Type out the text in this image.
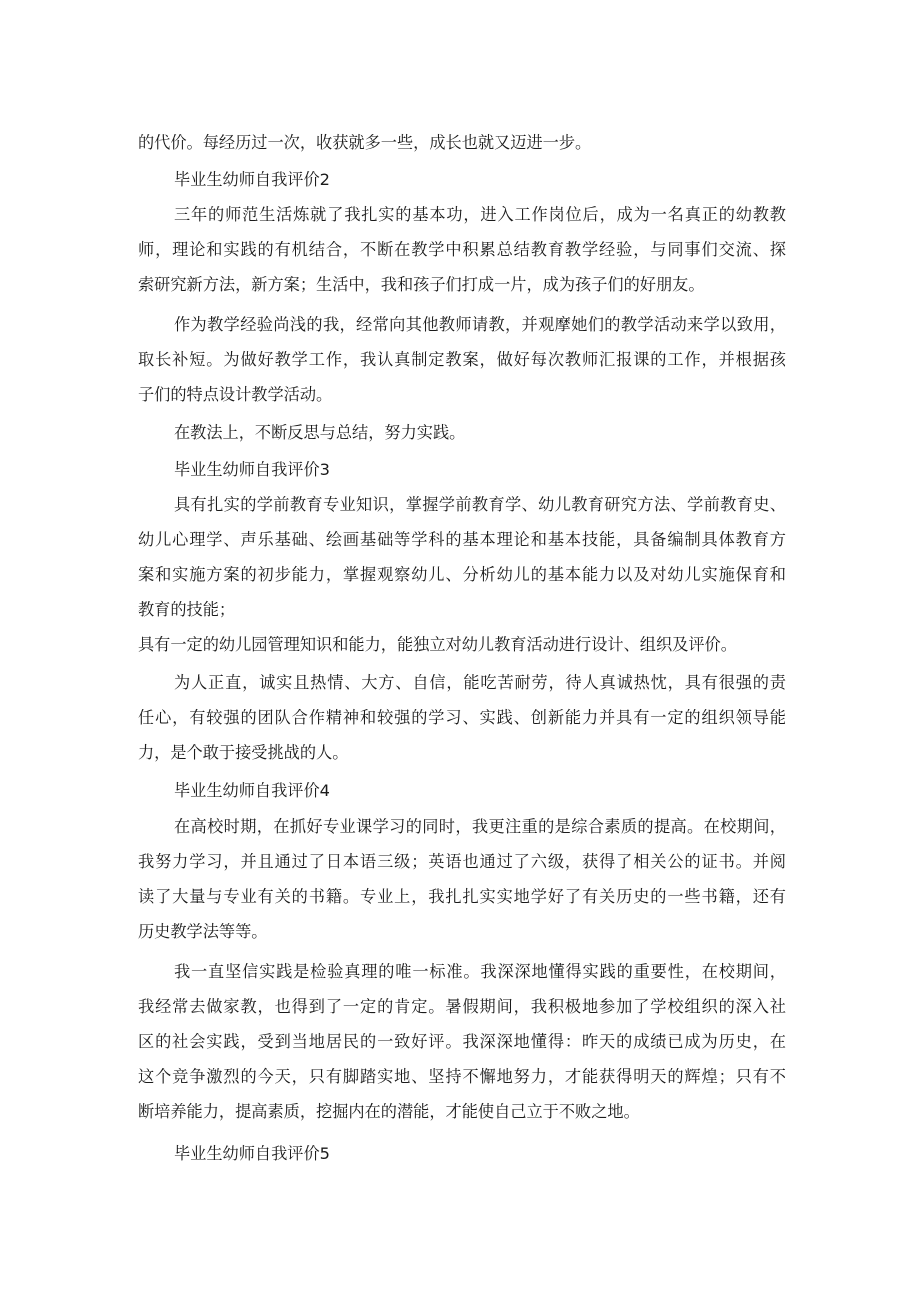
的代价。每经历过一次，收获就多一些，成长也就又迈进一步。
毕业生幼师自我评价2
三年的师范生活炼就了我扎实的基本功，进入工作岗位后，成为一名真正的幼教教
师，理论和实践的有机结合，不断在教学中积累总结教育教学经验，与同事们交流、探
索研究新方法，新方案；生活中，我和孩子们打成一片，成为孩子们的好朋友。
作为教学经验尚浅的我，经常向其他教师请教，并观摩她们的教学活动来学以致用，
取长补短。为做好教学工作，我认真制定教案，做好每次教师汇报课的工作，并根据孩
子们的特点设计教学活动。
在教法上，不断反思与总结，努力实践。
毕业生幼师自我评价3
具有扎实的学前教育专业知识，掌握学前教育学、幼儿教育研究方法、学前教育史、
幼儿心理学、声乐基础、绘画基础等学科的基本理论和基本技能，具备编制具体教育方
案和实施方案的初步能力，掌握观察幼儿、分析幼儿的基本能力以及对幼儿实施保育和
教育的技能；
具有一定的幼儿园管理知识和能力，能独立对幼儿教育活动进行设计、组织及评价。
为人正直，诚实且热情、大方、自信，能吃苦耐劳，待人真诚热忱，具有很强的责
任心，有较强的团队合作精神和较强的学习、实践、创新能力并具有一定的组织领导能
力，是个敢于接受挑战的人。
毕业生幼师自我评价4
在高校时期，在抓好专业课学习的同时，我更注重的是综合素质的提高。在校期间，
我努力学习，并且通过了日本语三级；英语也通过了六级，获得了相关公的证书。并阅
读了大量与专业有关的书籍。专业上，我扎扎实实地学好了有关历史的一些书籍，还有
历史教学法等等。
我一直坚信实践是检验真理的唯一标准。我深深地懂得实践的重要性，在校期间，
我经常去做家教，也得到了一定的肯定。暑假期间，我积极地参加了学校组织的深入社
区的社会实践，受到当地居民的一致好评。我深深地懂得：昨天的成绩已成为历史，在
这个竞争激烈的今天，只有脚踏实地、坚持不懈地努力，才能获得明天的辉煌；只有不
断培养能力，提高素质，挖掘内在的潜能，才能使自己立于不败之地。
毕业生幼师自我评价5
